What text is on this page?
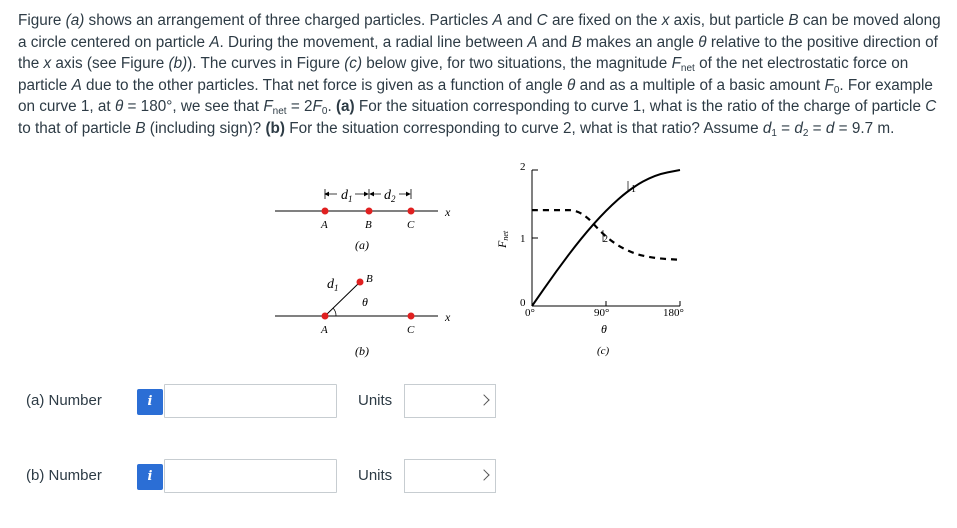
Figure (a) shows an arrangement of three charged particles. Particles A and C are fixed on the x axis, but particle B can be moved along a circle centered on particle A. During the movement, a radial line between A and B makes an angle θ relative to the positive direction of the x axis (see Figure (b)). The curves in Figure (c) below give, for two situations, the magnitude $F_{net}$ of the net electrostatic force on particle A due to the other particles. That net force is given as a function of angle θ and as a multiple of a basic amount $F_0$. For example on curve 1, at θ = 180°, we see that $F_{net} = 2F_0$. (a) For the situation corresponding to curve 1, what is the ratio of the charge of particle C to that of particle B (including sign)? (b) For the situation corresponding to curve 2, what is that ratio? Assume $d_1 = d_2 = d = 9.7$ m.
$d_1$ $d_2$
x
A	B	C
(a)
$d_1$
B
θ
x
A	C
(b)
2
1
0
Fnet
0°	90°	180°
θ
(c)
1
2
(a) Number	i	Units
(b) Number	i	Units
